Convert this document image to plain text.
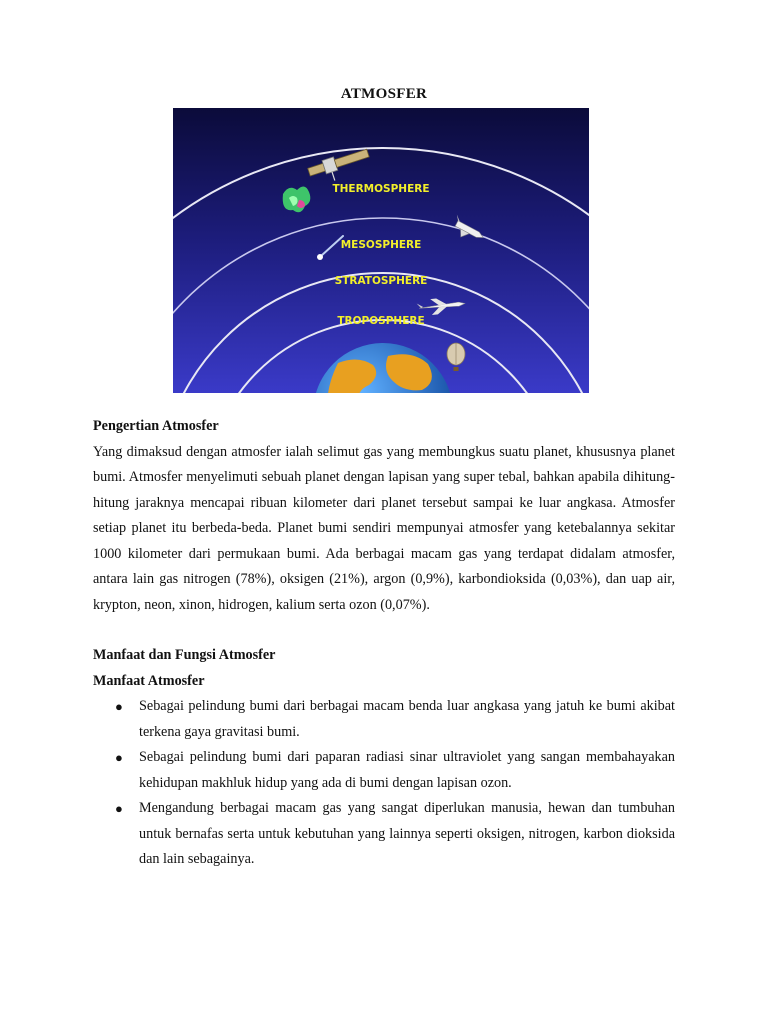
ATMOSFER
THERMOSPHERE
MESOSPHERE
STRATOSPHERE
TROPOSPHERE

Pengertian Atmosfer

Yang dimaksud dengan atmosfer ialah selimut gas yang membungkus suatu planet, khususnya planet bumi. Atmosfer menyelimuti sebuah planet dengan lapisan yang super tebal, bahkan apabila dihitung-hitung jaraknya mencapai ribuan kilometer dari planet tersebut sampai ke luar angkasa. Atmosfer setiap planet itu berbeda-beda. Planet bumi sendiri mempunyai atmosfer yang ketebalannya sekitar 1000 kilometer dari permukaan bumi. Ada berbagai macam gas yang terdapat didalam atmosfer, antara lain gas nitrogen (78%), oksigen (21%), argon (0,9%), karbondioksida (0,03%), dan uap air, krypton, neon, xinon, hidrogen, kalium serta ozon (0,07%).

Manfaat dan Fungsi Atmosfer

Manfaat Atmosfer

● Sebagai pelindung bumi dari berbagai macam benda luar angkasa yang jatuh ke bumi akibat terkena gaya gravitasi bumi.
● Sebagai pelindung bumi dari paparan radiasi sinar ultraviolet yang sangan membahayakan kehidupan makhluk hidup yang ada di bumi dengan lapisan ozon.
● Mengandung berbagai macam gas yang sangat diperlukan manusia, hewan dan tumbuhan untuk bernafas serta untuk kebutuhan yang lainnya seperti oksigen, nitrogen, karbon dioksida dan lain sebagainya.
